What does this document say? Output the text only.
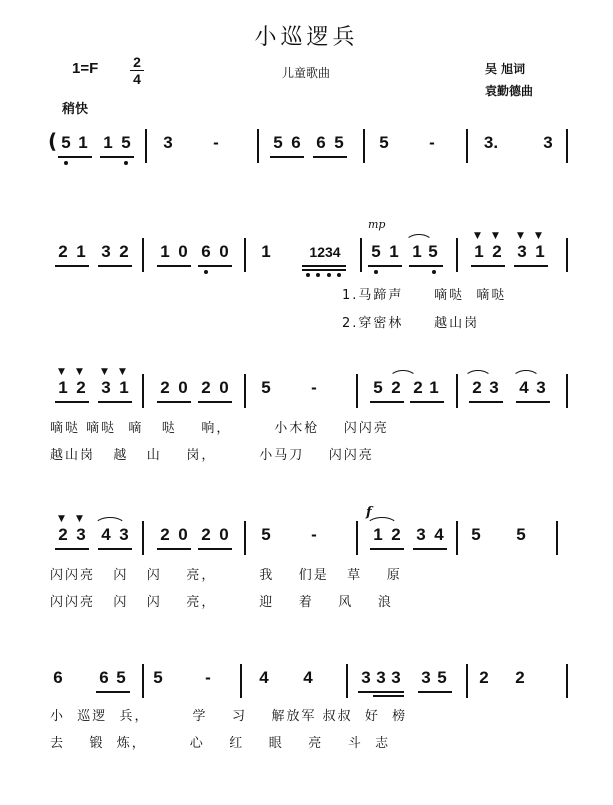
小巡逻兵
1=F 2
4	儿童歌曲	吴 旭词
袁勤德曲
稍快
( 5 1 1 5 3	-	5 6 6 5 5	-	3.	3
mp
2 1 3 2 1 0 6 0 1	1234	5 1 1 5
▼ ▼ ▼ ▼
1 2 3 1
1.马蹄声     嘀哒  嘀哒
2.穿密林     越山岗
▼ ▼ ▼ ▼
1 2 3 1 2 0 2 0 5	-	5 2 2 1 2 3 4 3
嘀哒 嘀哒  嘀   哒    响，       小木枪    闪闪亮
越山岗   越   山    岗，       小马刀    闪闪亮
f
▼ ▼
2 3 4 3 2 0 2 0 5	-	1 2 3 4 5 5
闪闪亮   闪   闪    亮，       我    们是   草    原
闪闪亮   闪   闪    亮，       迎    着    风    浪
6 6 5 5	-	4 4	3 3 3 3 5 2 2
小  巡逻  兵，       学    习    解放军 叔叔  好  榜
去    锻  炼，       心    红    眼    亮    斗  志
